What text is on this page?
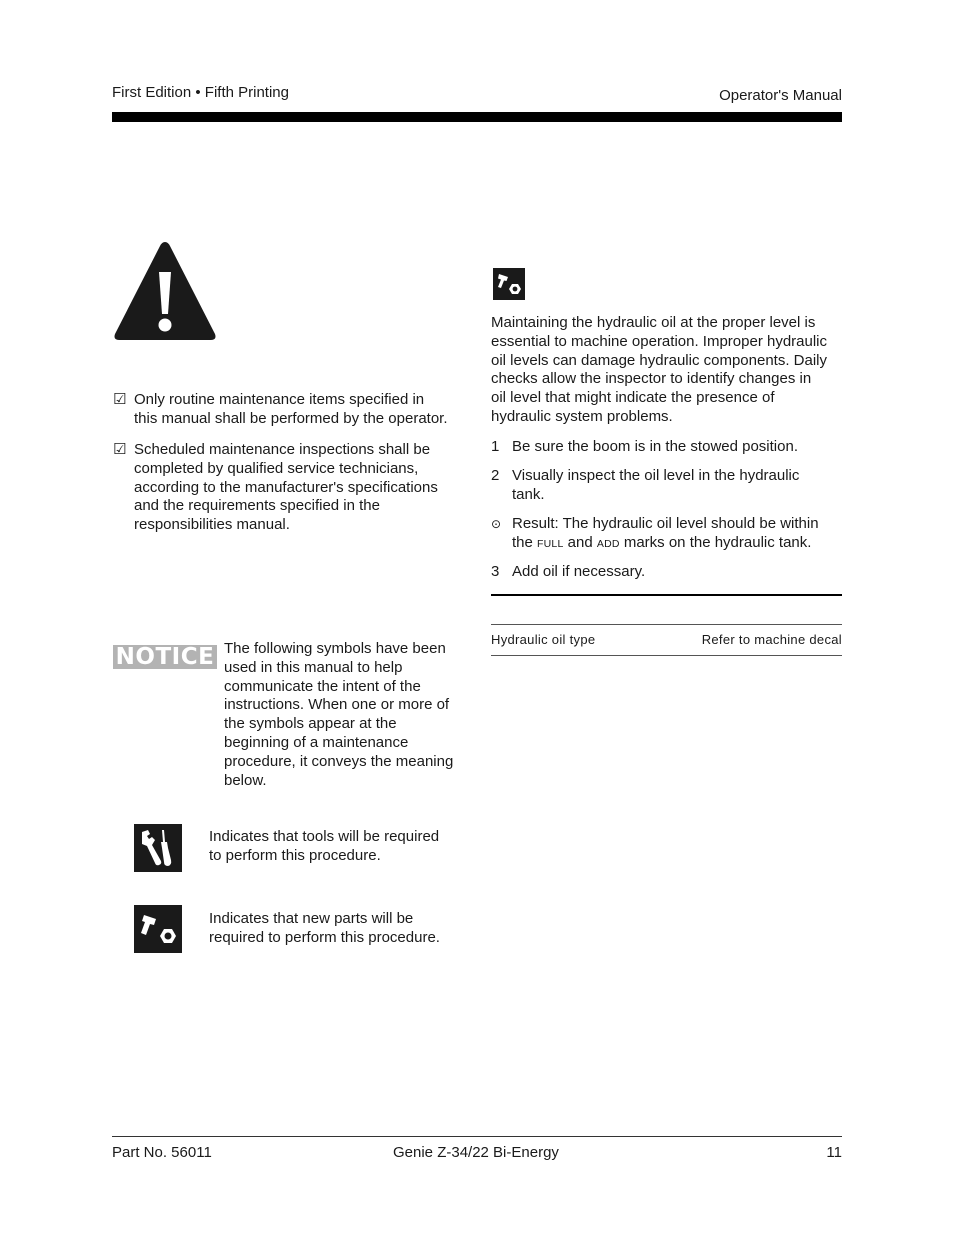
First Edition • Fifth Printing	Operator's Manual
☑ Only routine maintenance items specified in
this manual shall be performed by the operator.
☑ Scheduled maintenance inspections shall be
completed by qualified service technicians,
according to the manufacturer's specifications
and the requirements specified in the
responsibilities manual.
NOTICE The following symbols have been
used in this manual to help
communicate the intent of the
instructions. When one or more of
the symbols appear at the
beginning of a maintenance
procedure, it conveys the meaning
below.
Indicates that tools will be required
to perform this procedure.
Indicates that new parts will be
required to perform this procedure.
Maintaining the hydraulic oil at the proper level is
essential to machine operation. Improper hydraulic
oil levels can damage hydraulic components. Daily
checks allow the inspector to identify changes in
oil level that might indicate the presence of
hydraulic system problems.
1 Be sure the boom is in the stowed position.
2 Visually inspect the oil level in the hydraulic
tank.
⊙ Result: The hydraulic oil level should be within
the FULL and ADD marks on the hydraulic tank.
3 Add oil if necessary.
Hydraulic oil type	Refer to machine decal
Part No. 56011	Genie Z-34/22 Bi-Energy	11
